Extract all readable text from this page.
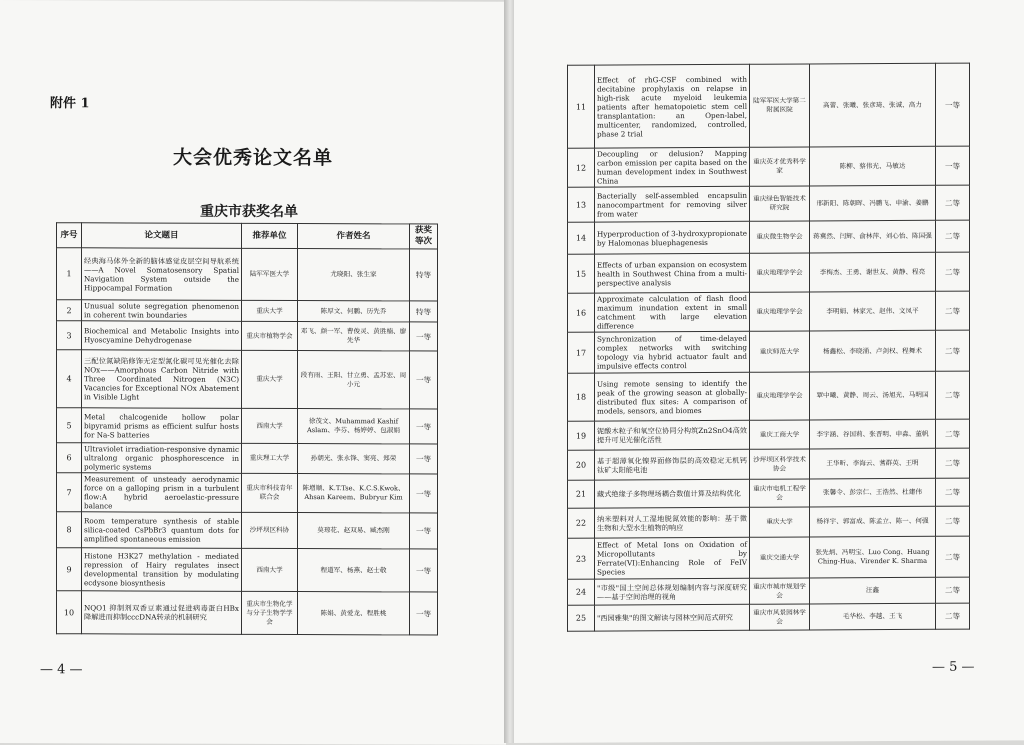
附件 1
大会优秀论文名单
重庆市获奖名单
序号	论文题目	推荐单位	作者姓名	获奖等次
1	经典海马体外全新的脑体感觉皮层空间导航系统——A Novel Somatosensory Spatial Navigation System outside the Hippocampal Formation	陆军军医大学	尤晓阳、张生家	特等
2	Unusual solute segregation phenomenon in coherent twin boundaries	重庆大学	陈厚文、何鹏、历先乔	特等
3	Biochemical and Metabolic Insights into Hyoscyamine Dehydrogenase	重庆市植物学会	邓飞、颜一军、曹俊灵、黄胜楠、廖先华	一等
4	三配位氮缺陷修饰无定型氮化碳可见光催化去除NOx——Amorphous Carbon Nitride with Three Coordinated Nitrogen (N3C) Vacancies for Exceptional NOx Abatement in Visible Light	重庆大学	段有雨、王阳、甘立勇、孟苏宏、周小元	一等
5	Metal chalcogenide hollow polar bipyramid prisms as efficient sulfur hosts for Na-S batteries	西南大学	徐茂文、Muhammad Kashif Aslam、李芬、杨婷婷、包淑娟	一等
6	Ultraviolet irradiation-responsive dynamic ultralong organic phosphorescence in polymeric systems	重庆理工大学	孙朝光、张永锋、窦亮、郑荣	一等
7	Measurement of unsteady aerodynamic force on a galloping prism in a turbulent flow:A hybrid aeroelastic-pressure balance	重庆市科技青年联合会	陈增顺、K.T.Tse、K.C.S.Kwok、Ahsan Kareem、Bubryur Kim	一等
8	Room temperature synthesis of stable silica-coated CsPbBr3 quantum dots for amplified spontaneous emission	沙坪坝区科协	莫琼花、赵双易、臧杰刚	一等
9	Histone H3K27 methylation - mediated repression of Hairy regulates insect developmental transition by modulating ecdysone biosynthesis	西南大学	程道军、杨燕、赵士敬	一等
10	NQO1 抑制剂双香豆素通过促进病毒蛋白HBx降解进而抑制cccDNA转录的机制研究	重庆市生物化学与分子生物学学会	陈娟、黄爱龙、程胜桃	一等
— 4 —
11	Effect of rhG-CSF combined with decitabine prophylaxis on relapse in high-risk acute myeloid leukemia patients after hematopoietic stem cell transplantation: an Open-label, multicenter, randomized, controlled, phase 2 trial	陆军军医大学第二附属医院	高蕾、张曦、张彦琦、张诚、高力	一等
12	Decoupling or delusion? Mapping carbon emission per capita based on the human development index in Southwest China	重庆英才优秀科学家	陈柳、蔡伟光、马敏达	一等
13	Bacterially self-assembled encapsulin nanocompartment for removing silver from water	重庆绿色智能技术研究院	邢新阳、陈朝晖、冯鹏飞、申渝、姜鹏	二等
14	Hyperproduction of 3-hydroxypropionate by Halomonas bluephagenesis	重庆微生物学会	蒋冀然、闫辉、俞林萍、刘心怡、陈国强	二等
15	Effects of urban expansion on ecosystem health in Southwest China from a multi-perspective analysis	重庆地理学学会	李梅杰、王勇、谢世友、黄静、程亮	二等
16	Approximate calculation of flash flood maximum inundation extent in small catchment with large elevation difference	重庆地理学学会	李明娟、林家元、赵伟、文凤平	二等
17	Synchronization of time-delayed complex networks with switching topology via hybrid actuator fault and impulsive effects control	重庆师范大学	杨鑫松、李晓涌、卢剑权、程舞术	二等
18	Using remote sensing to identify the peak of the growing season at globally-distributed flux sites: A comparison of models, sensors, and biomes	重庆地理学学会	覃中曦、黄静、周云、汤旭光、马明国	二等
19	铌酸木粒子和氧空位协同分构筑Zn2SnO4高效提升可见光催化活性	重庆工商大学	李宇涵、谷国莉、张晋明、申淼、董帆	二等
20	基于超薄氧化镍界面修饰层的高效稳定无机钙钛矿太阳能电池	沙坪坝区科学技术协会	王华昕、李海云、蓍群英、王明	二等
21	藏式绝缘子多物理场耦合数值计算及结构优化	重庆市电机工程学会	张馨令、彭宗仁、王浩然、杜建伟	二等
22	纳米塑料对人工湿地脱氮效能的影响：基于微生物和大型水生植物的响应	重庆大学	杨祥宇、郭富成、陈孟立、陈一、何强	二等
23	Effect of Metal Ions on Oxidation of Micropollutants by Ferrate(VI):Enhancing Role of FeIV Species	重庆交通大学	张先炳、冯明宝、Luo Cong、Huang Ching-Hua、Virender K. Sharma	二等
24	"市级"国土空间总体规划编制内容与深度研究——基于空间治理的视角	重庆市城市规划学会	汪鑫	二等
25	"西园雅集"的图文解读与园林空间范式研究	重庆市风景园林学会	毛华松、李越、王飞	二等
— 5 —
